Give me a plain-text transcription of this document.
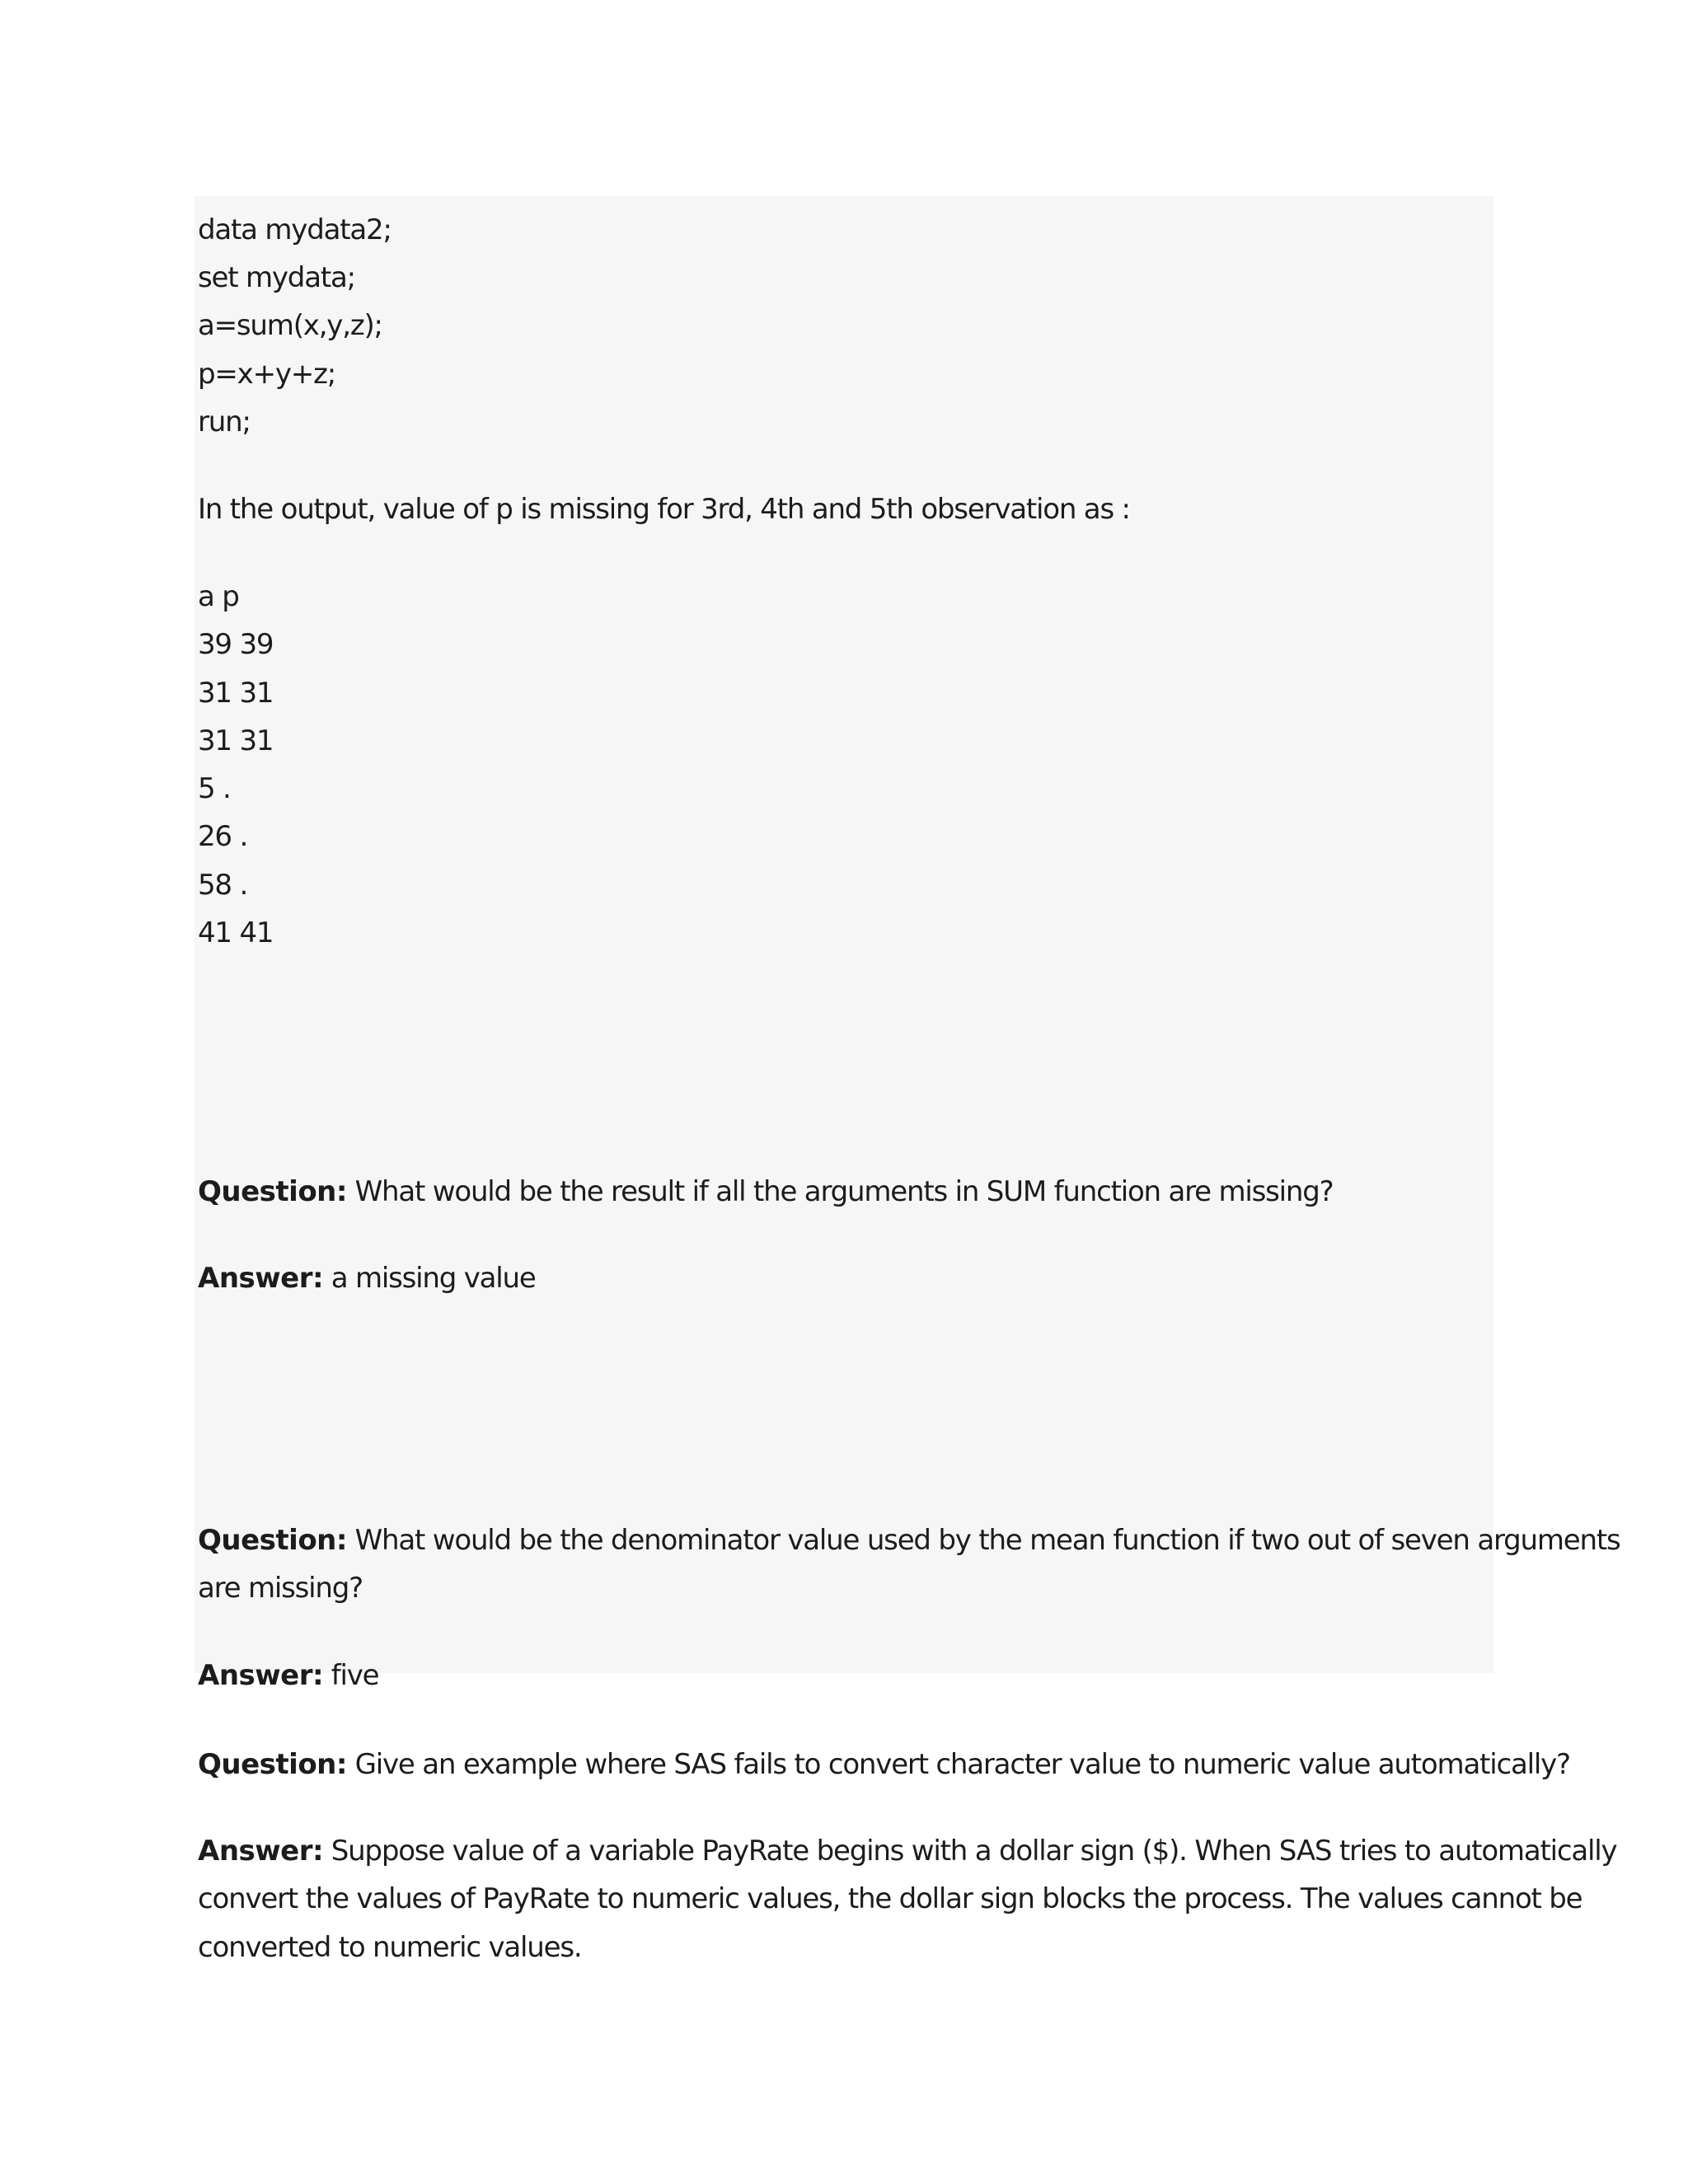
data mydata2;
set mydata;
a=sum(x,y,z);
p=x+y+z;
run;
In the output, value of p is missing for 3rd, 4th and 5th observation as :
a p
39 39
31 31
31 31
5 .
26 .
58 .
41 41
Question: What would be the result if all the arguments in SUM function are missing?
Answer: a missing value
Question: What would be the denominator value used by the mean function if two out of seven arguments
are missing?
Answer: five
Question: Give an example where SAS fails to convert character value to numeric value automatically?
Answer: Suppose value of a variable PayRate begins with a dollar sign ($). When SAS tries to automatically
convert the values of PayRate to numeric values, the dollar sign blocks the process. The values cannot be
converted to numeric values.
